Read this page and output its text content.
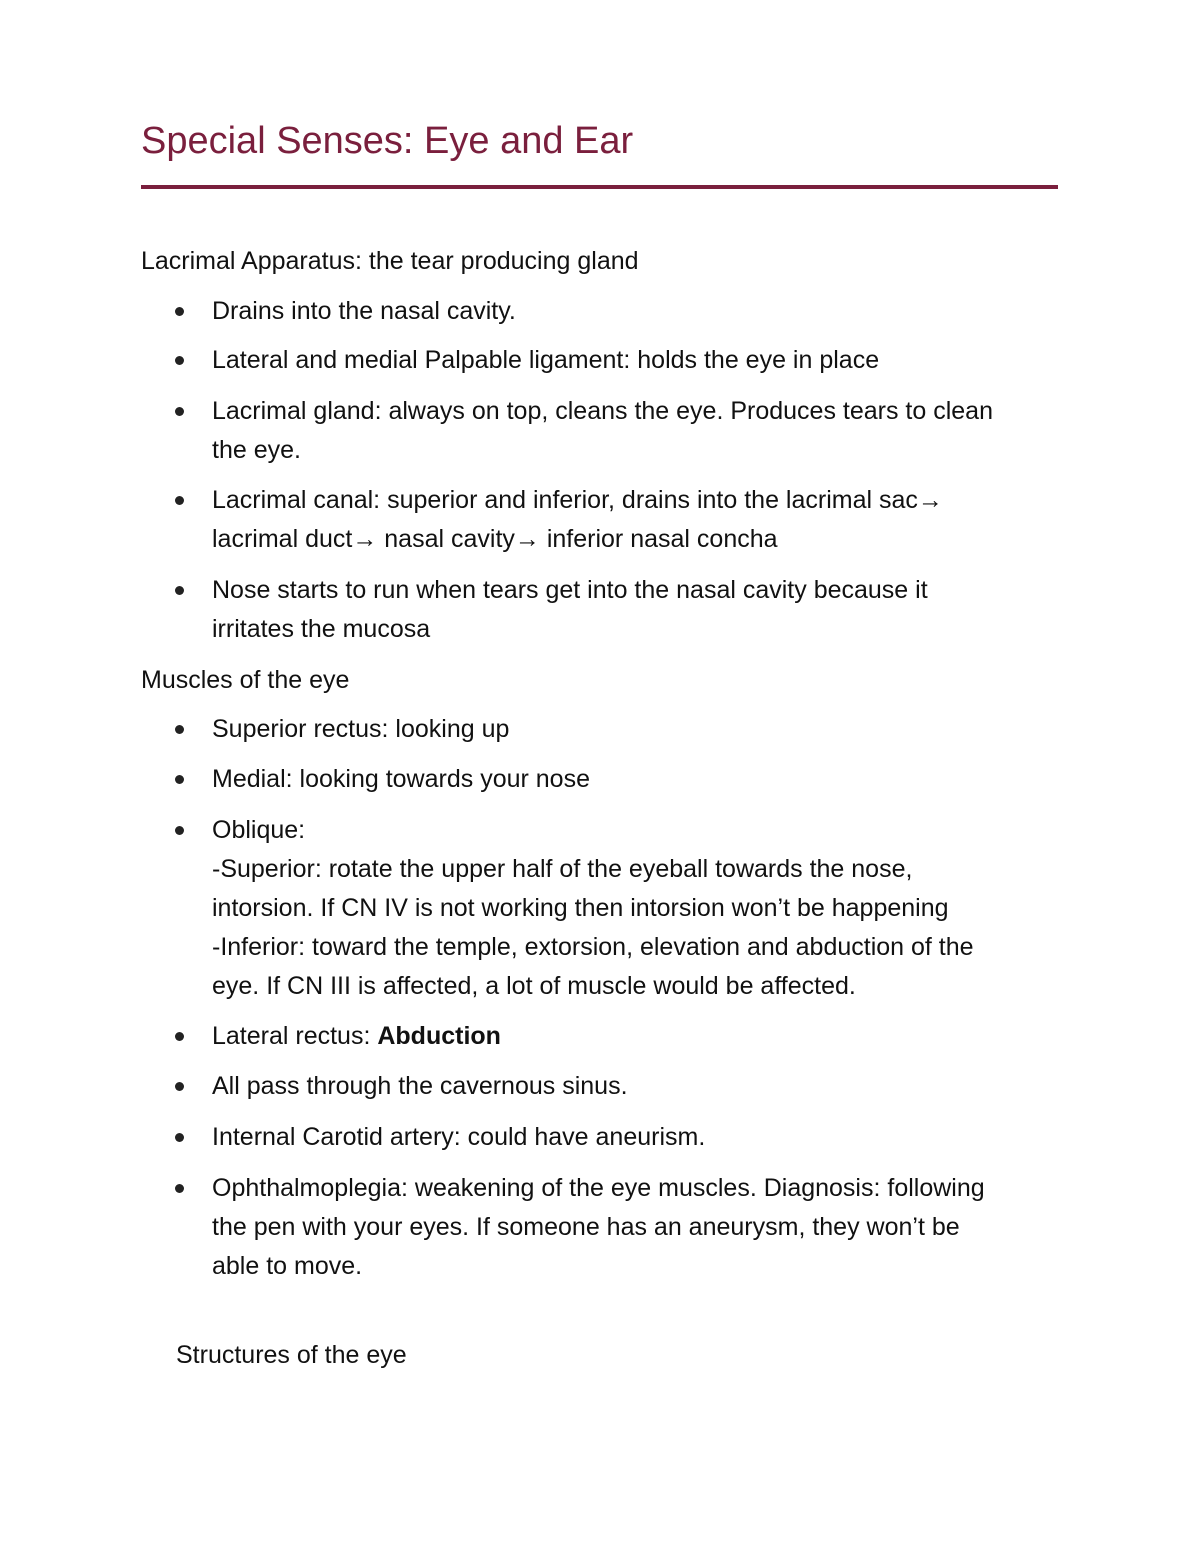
Special Senses: Eye and Ear

Lacrimal Apparatus: the tear producing gland

Drains into the nasal cavity.
Lateral and medial Palpable ligament: holds the eye in place
Lacrimal gland: always on top, cleans the eye. Produces tears to clean
the eye.
Lacrimal canal: superior and inferior, drains into the lacrimal sac→
lacrimal duct→ nasal cavity→ inferior nasal concha
Nose starts to run when tears get into the nasal cavity because it
irritates the mucosa

Muscles of the eye

Superior rectus: looking up
Medial: looking towards your nose
Oblique:
-Superior: rotate the upper half of the eyeball towards the nose,
intorsion. If CN IV is not working then intorsion won’t be happening
-Inferior: toward the temple, extorsion, elevation and abduction of the
eye. If CN III is affected, a lot of muscle would be affected.
Lateral rectus: Abduction
All pass through the cavernous sinus.
Internal Carotid artery: could have aneurism.
Ophthalmoplegia: weakening of the eye muscles. Diagnosis: following
the pen with your eyes. If someone has an aneurysm, they won’t be
able to move.

Structures of the eye
